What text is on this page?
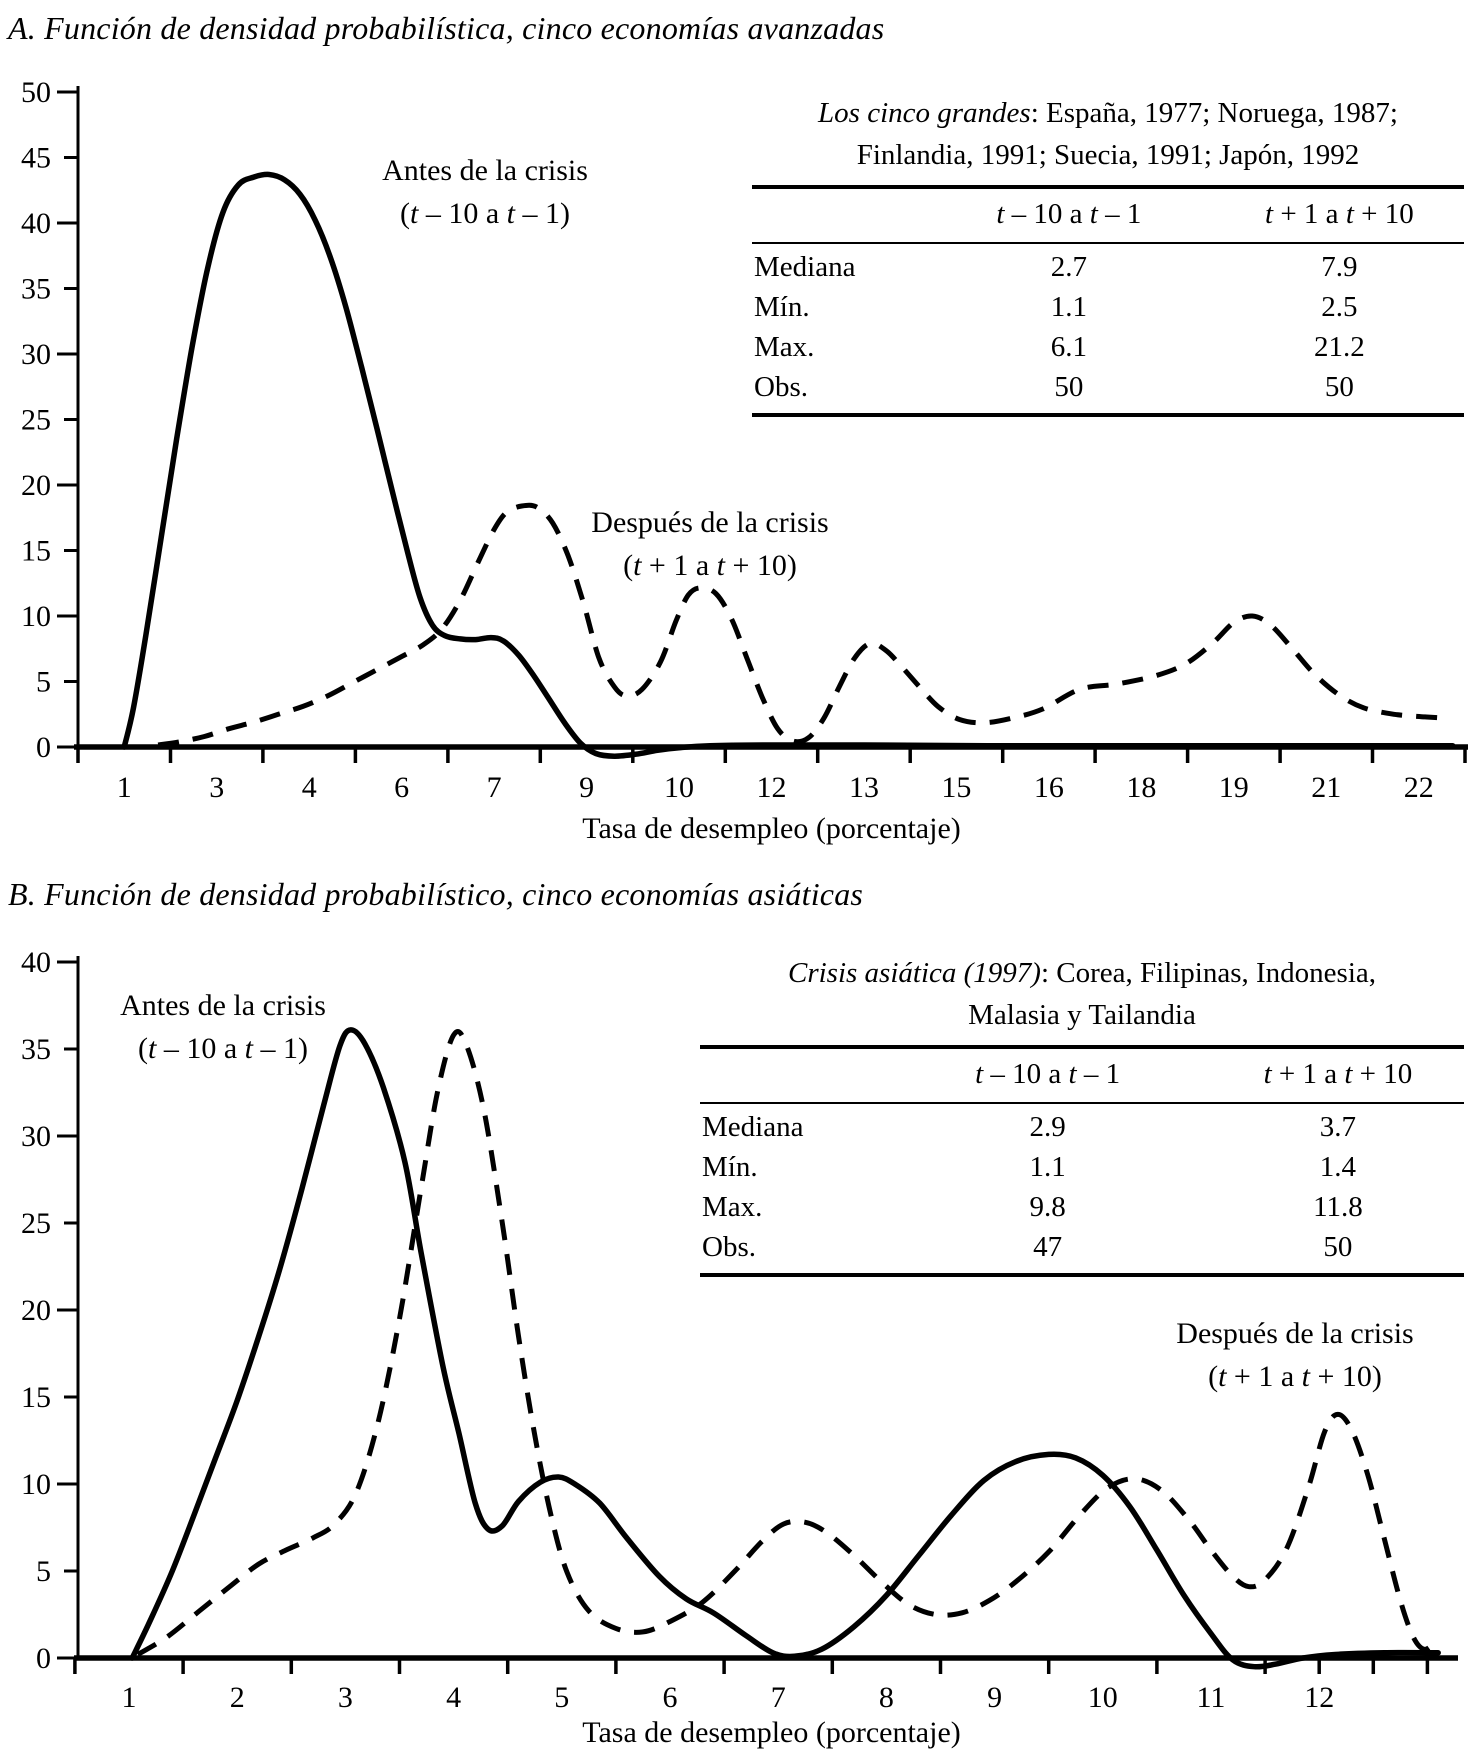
1	3	4	6	7	9 10 12 13 15 16 18 19 21 22
0
5
10
15
20
25
30
35
40
45
50
1	2	3	4	5	6	7	8	9	10	11	12
0
5
10
15
20
25
30
35
40
A. Función de densidad probabilística, cinco economías avanzadas
Antes de la crisis
(t – 10 a t – 1)
Después de la crisis
(t + 1 a t + 10)
Los cinco grandes: España, 1977; Noruega, 1987;
Finlandia, 1991; Suecia, 1991; Japón, 1992
t – 10 a t – 1	t + 1 a t + 10
Mediana	2.7	7.9
Mín.	1.1	2.5
Max.	6.1	21.2
Obs.	50	50
Tasa de desempleo (porcentaje)
B. Función de densidad probabilístico, cinco economías asiáticas
Antes de la crisis
(t – 10 a t – 1)
Después de la crisis
(t + 1 a t + 10)
Crisis asiática (1997): Corea, Filipinas, Indonesia,
Malasia y Tailandia
t – 10 a t – 1	t + 1 a t + 10
Mediana	2.9	3.7
Mín.	1.1	1.4
Max.	9.8	11.8
Obs.	47	50
Tasa de desempleo (porcentaje)
